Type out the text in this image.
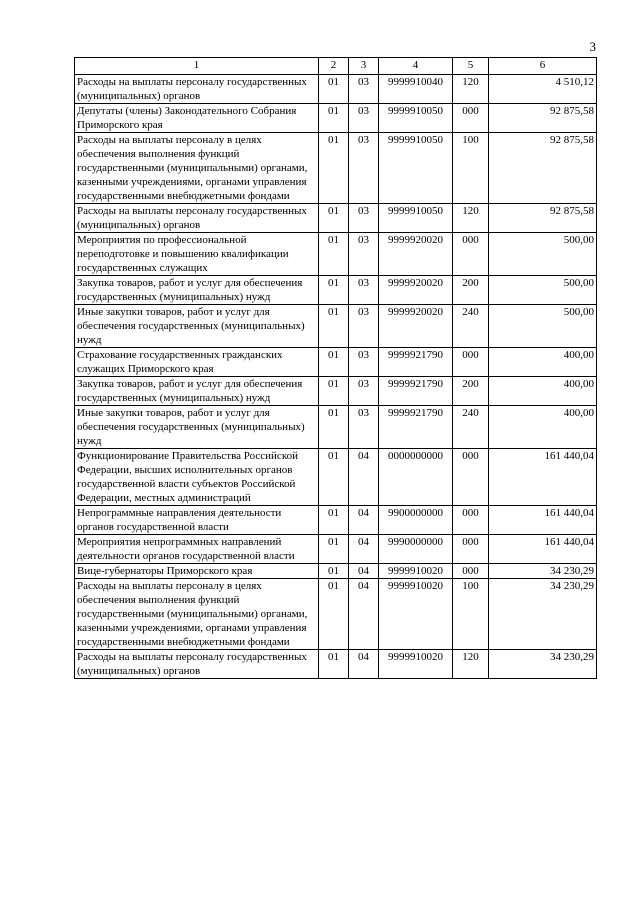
3
1	2	3	4	5	6
Расходы на выплаты персоналу государственных (муниципальных) органов	01	03	9999910040	120	4 510,12
Депутаты (члены) Законодательного Собрания Приморского края	01	03	9999910050	000	92 875,58
Расходы на выплаты персоналу в целях обеспечения выполнения функций государственными (муниципальными) органами, казенными учреждениями, органами управления государственными внебюджетными фондами	01	03	9999910050	100	92 875,58
Расходы на выплаты персоналу государственных (муниципальных) органов	01	03	9999910050	120	92 875,58
Мероприятия по профессиональной переподготовке и повышению квалификации государственных служащих	01	03	9999920020	000	500,00
Закупка товаров, работ и услуг для обеспечения государственных (муниципальных) нужд	01	03	9999920020	200	500,00
Иные закупки товаров, работ и услуг для обеспечения государственных (муниципальных) нужд	01	03	9999920020	240	500,00
Страхование государственных гражданских служащих Приморского края	01	03	9999921790	000	400,00
Закупка товаров, работ и услуг для обеспечения государственных (муниципальных) нужд	01	03	9999921790	200	400,00
Иные закупки товаров, работ и услуг для обеспечения государственных (муниципальных) нужд	01	03	9999921790	240	400,00
Функционирование Правительства Российской Федерации, высших исполнительных органов государственной власти субъектов Российской Федерации, местных администраций	01	04	0000000000	000	161 440,04
Непрограммные направления деятельности органов государственной власти	01	04	9900000000	000	161 440,04
Мероприятия непрограммных направлений деятельности органов государственной власти	01	04	9990000000	000	161 440,04
Вице-губернаторы Приморского края	01	04	9999910020	000	34 230,29
Расходы на выплаты персоналу в целях обеспечения выполнения функций государственными (муниципальными) органами, казенными учреждениями, органами управления государственными внебюджетными фондами	01	04	9999910020	100	34 230,29
Расходы на выплаты персоналу государственных (муниципальных) органов	01	04	9999910020	120	34 230,29
